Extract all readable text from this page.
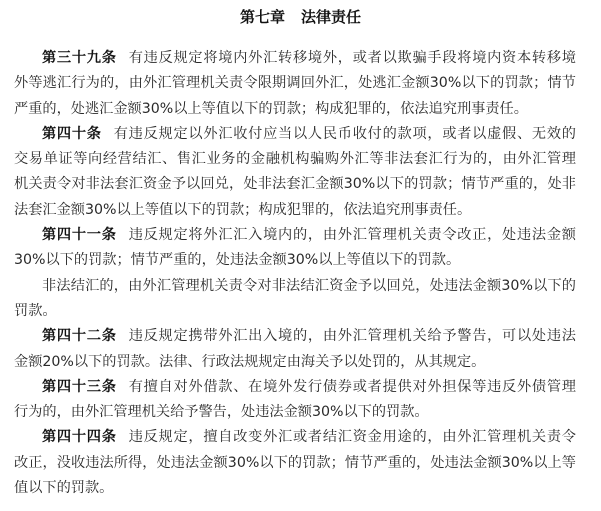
第七章 法律责任
第三十九条 有违反规定将境内外汇转移境外，或者以欺骗手段将境内资本转移境
外等逃汇行为的，由外汇管理机关责令限期调回外汇，处逃汇金额30%以下的罚款；情节
严重的，处逃汇金额30%以上等值以下的罚款；构成犯罪的，依法追究刑事责任。
第四十条 有违反规定以外汇收付应当以人民币收付的款项，或者以虚假、无效的
交易单证等向经营结汇、售汇业务的金融机构骗购外汇等非法套汇行为的，由外汇管理
机关责令对非法套汇资金予以回兑，处非法套汇金额30%以下的罚款；情节严重的，处非
法套汇金额30%以上等值以下的罚款；构成犯罪的，依法追究刑事责任。
第四十一条 违反规定将外汇汇入境内的，由外汇管理机关责令改正，处违法金额
30%以下的罚款；情节严重的，处违法金额30%以上等值以下的罚款。
非法结汇的，由外汇管理机关责令对非法结汇资金予以回兑，处违法金额30%以下的
罚款。
第四十二条 违反规定携带外汇出入境的，由外汇管理机关给予警告，可以处违法
金额20%以下的罚款。法律、行政法规规定由海关予以处罚的，从其规定。
第四十三条 有擅自对外借款、在境外发行债券或者提供对外担保等违反外债管理
行为的，由外汇管理机关给予警告，处违法金额30%以下的罚款。
第四十四条 违反规定，擅自改变外汇或者结汇资金用途的，由外汇管理机关责令
改正，没收违法所得，处违法金额30%以下的罚款；情节严重的，处违法金额30%以上等
值以下的罚款。
